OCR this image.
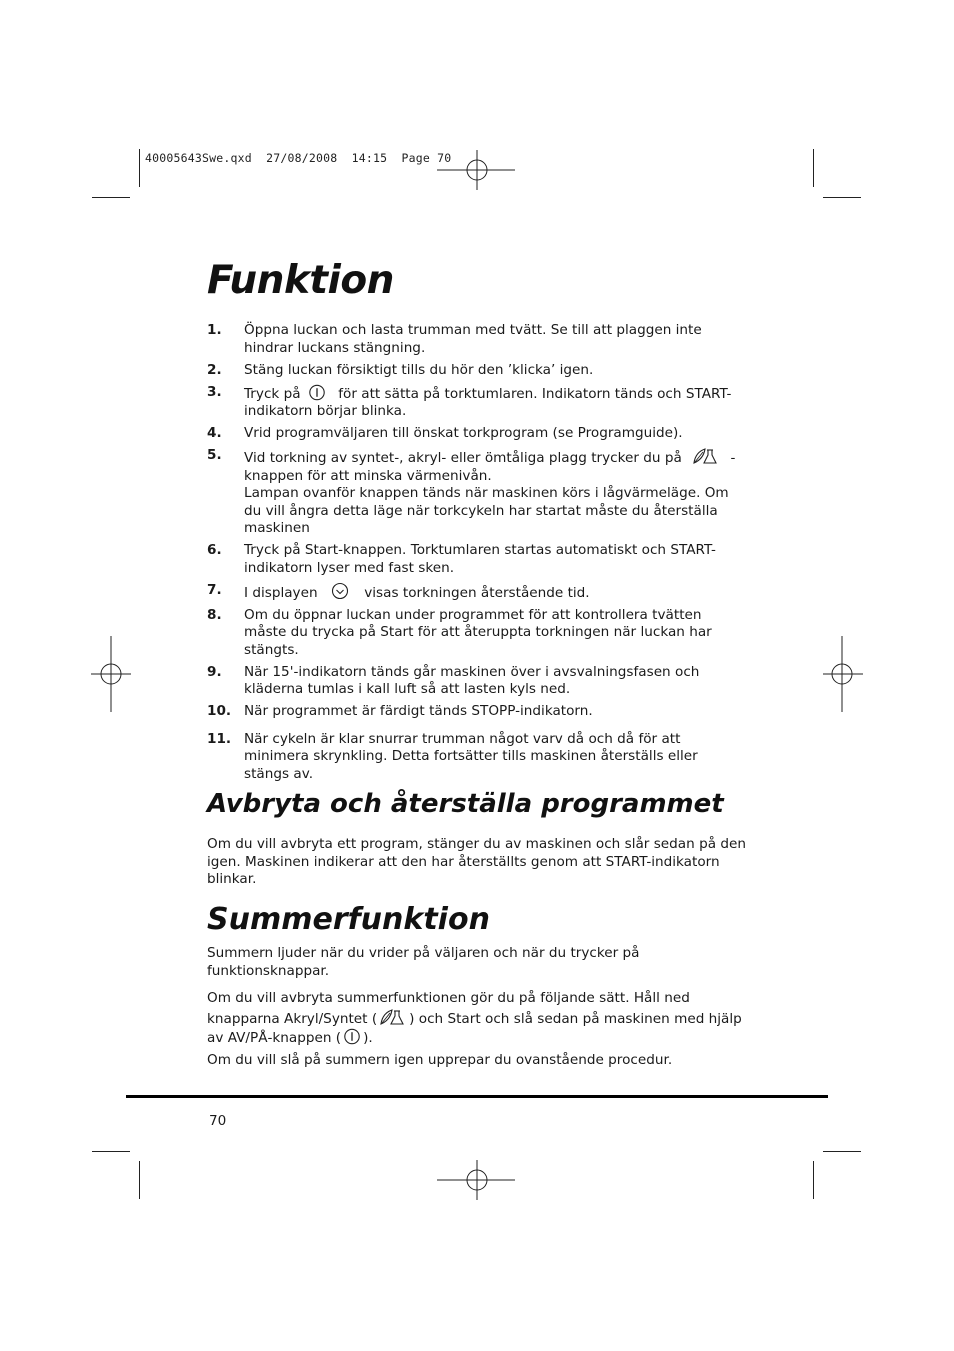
40005643Swe.qxd  27/08/2008  14:15  Page 70
Funktion
1. Öppna luckan och lasta trumman med tvätt. Se till att plaggen inte hindrar luckans stängning.
2. Stäng luckan försiktigt tills du hör den ’klicka’ igen.
3. Tryck på	för att sätta på torktumlaren. Indikatorn tänds och START-indikatorn börjar blinka.
4. Vrid programväljaren till önskat torkprogram (se Programguide).
5. Vid torkning av syntet-, akryl- eller ömtåliga plagg trycker du på	-knappen för att minska värmenivån.
Lampan ovanför knappen tänds när maskinen körs i lågvärmeläge. Om du vill ångra detta läge när torkcykeln har startat måste du återställa maskinen
6. Tryck på Start-knappen. Torktumlaren startas automatiskt och START-indikatorn lyser med fast sken.
7. I displayen	visas torkningen återstående tid.
8. Om du öppnar luckan under programmet för att kontrollera tvätten måste du trycka på Start för att återuppta torkningen när luckan har stängts.
9. När 15'-indikatorn tänds går maskinen över i avsvalningsfasen och kläderna tumlas i kall luft så att lasten kyls ned.
10. När programmet är färdigt tänds STOPP-indikatorn.
11. När cykeln är klar snurrar trumman något varv då och då för att minimera skrynkling. Detta fortsätter tills maskinen återställs eller stängs av.
Avbryta och återställa programmet

Om du vill avbryta ett program, stänger du av maskinen och slår sedan på den igen. Maskinen indikerar att den har återställts genom att START-indikatorn blinkar.

Summerfunktion

Summern ljuder när du vrider på väljaren och när du trycker på funktionsknappar.

Om du vill avbryta summerfunktionen gör du på följande sätt. Håll ned knapparna Akryl/Syntet ( ) och Start och slå sedan på maskinen med hjälp av AV/PÅ-knappen ( ).

Om du vill slå på summern igen upprepar du ovanstående procedur.

70
